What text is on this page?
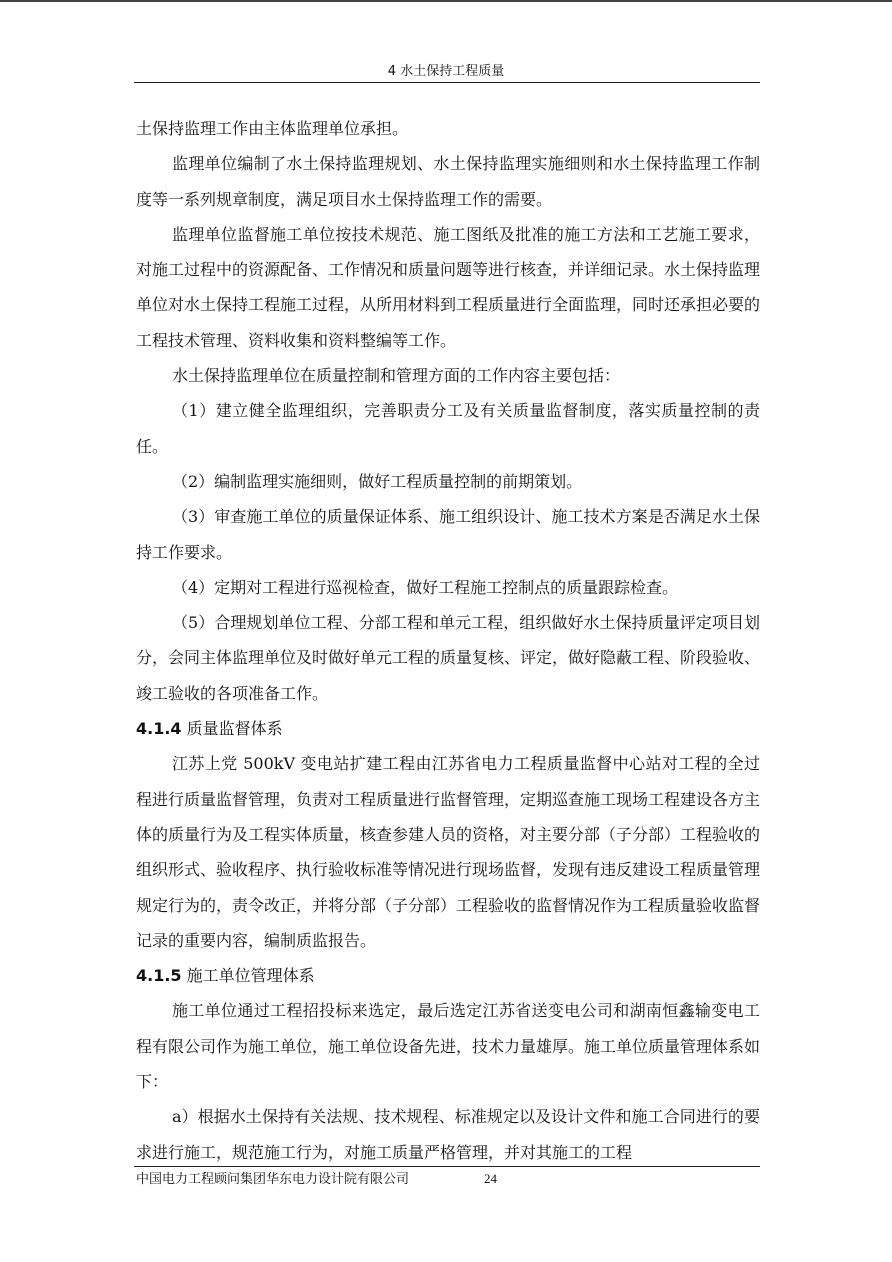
4 水土保持工程质量

土保持监理工作由主体监理单位承担。

监理单位编制了水土保持监理规划、水土保持监理实施细则和水土保持监理工作制度等一系列规章制度，满足项目水土保持监理工作的需要。

监理单位监督施工单位按技术规范、施工图纸及批准的施工方法和工艺施工要求，对施工过程中的资源配备、工作情况和质量问题等进行核查，并详细记录。水土保持监理单位对水土保持工程施工过程，从所用材料到工程质量进行全面监理，同时还承担必要的工程技术管理、资料收集和资料整编等工作。

水土保持监理单位在质量控制和管理方面的工作内容主要包括：

（1）建立健全监理组织，完善职责分工及有关质量监督制度，落实质量控制的责任。

（2）编制监理实施细则，做好工程质量控制的前期策划。

（3）审查施工单位的质量保证体系、施工组织设计、施工技术方案是否满足水土保持工作要求。

（4）定期对工程进行巡视检查，做好工程施工控制点的质量跟踪检查。

（5）合理规划单位工程、分部工程和单元工程，组织做好水土保持质量评定项目划分，会同主体监理单位及时做好单元工程的质量复核、评定，做好隐蔽工程、阶段验收、竣工验收的各项准备工作。

4.1.4 质量监督体系

江苏上党 500kV 变电站扩建工程由江苏省电力工程质量监督中心站对工程的全过程进行质量监督管理，负责对工程质量进行监督管理，定期巡查施工现场工程建设各方主体的质量行为及工程实体质量，核查参建人员的资格，对主要分部（子分部）工程验收的组织形式、验收程序、执行验收标准等情况进行现场监督，发现有违反建设工程质量管理规定行为的，责令改正，并将分部（子分部）工程验收的监督情况作为工程质量验收监督记录的重要内容，编制质监报告。

4.1.5 施工单位管理体系

施工单位通过工程招投标来选定，最后选定江苏省送变电公司和湖南恒鑫输变电工程有限公司作为施工单位，施工单位设备先进，技术力量雄厚。施工单位质量管理体系如下：

a）根据水土保持有关法规、技术规程、标准规定以及设计文件和施工合同进行的要求进行施工，规范施工行为，对施工质量严格管理，并对其施工的工程

中国电力工程顾问集团华东电力设计院有限公司	24
